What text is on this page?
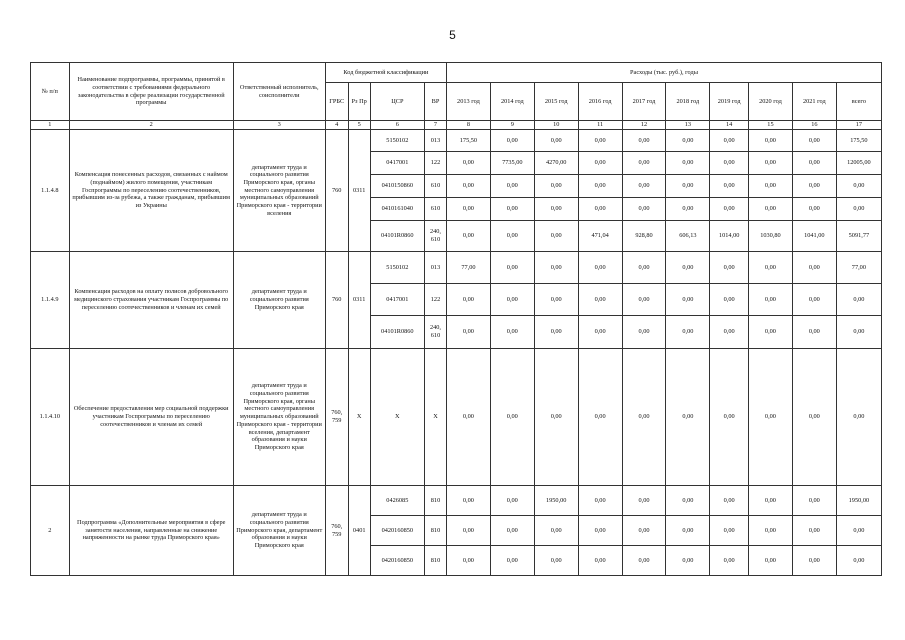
5
№ п/п	Наименование подпрограммы, программы, принятой в соответствии с требованиями федерального законодательства в сфере реализации государственной программы	Ответственный исполнитель, соисполнители	Код бюджетной классификации				Расходы (тыс. руб.), годы									
			ГРБС	Рз Пр	ЦСР	ВР	2013 год	2014 год	2015 год	2016 год	2017 год	2018 год	2019 год	2020 год	2021 год	всего
1	2	3	4	5	6	7	8	9	10	11	12	13	14	15	16	17
1.1.4.8	Компенсация понесенных расходов, связанных с наймом (поднаймом) жилого помещения, участникам Госпрограммы по переселению соотечественников, прибывшим из-за рубежа, а также гражданам, прибывшим из Украины	департамент труда и социального развития Приморского края, органы местного самоуправления муниципальных образований Приморского края - территории вселения	760	0311	5150102	013	175,50	0,00	0,00	0,00	0,00	0,00	0,00	0,00	0,00	175,50
					0417001	122	0,00	7735,00	4270,00	0,00	0,00	0,00	0,00	0,00	0,00	12005,00
					0410150860	610	0,00	0,00	0,00	0,00	0,00	0,00	0,00	0,00	0,00	0,00
					0410161040	610	0,00	0,00	0,00	0,00	0,00	0,00	0,00	0,00	0,00	0,00
					04101R0860	240, 610	0,00	0,00	0,00	471,04	928,80	606,13	1014,00	1030,80	1041,00	5091,77
1.1.4.9	Компенсация расходов на оплату полисов добровольного медицинского страхования участникам Госпрограммы по переселению соотечественников и членам их семей	департамент труда и социального развития Приморского края	760	0311	5150102	013	77,00	0,00	0,00	0,00	0,00	0,00	0,00	0,00	0,00	77,00
					0417001	122	0,00	0,00	0,00	0,00	0,00	0,00	0,00	0,00	0,00	0,00
					04101R0860	240, 610	0,00	0,00	0,00	0,00	0,00	0,00	0,00	0,00	0,00	0,00
1.1.4.10	Обеспечение предоставления мер социальной поддержки участникам Госпрограммы по переселению соотечественников и членам их семей	департамент труда и социального развития Приморского края, органы местного самоуправления муниципальных образований Приморского края - территории вселения, департамент образования и науки Приморского края	760, 759	Х	Х	Х	0,00	0,00	0,00	0,00	0,00	0,00	0,00	0,00	0,00	0,00
2	Подпрограмма «Дополнительные мероприятия в сфере занятости населения, направленные на снижение напряженности на рынке труда Приморского края»	департамент труда и социального развития Приморского края, департамент образования и науки Приморского края	760, 759	0401	0426085	810	0,00	0,00	1950,00	0,00	0,00	0,00	0,00	0,00	0,00	1950,00
					0420160850	810	0,00	0,00	0,00	0,00	0,00	0,00	0,00	0,00	0,00	0,00
					0420160850	810	0,00	0,00	0,00	0,00	0,00	0,00	0,00	0,00	0,00	0,00
